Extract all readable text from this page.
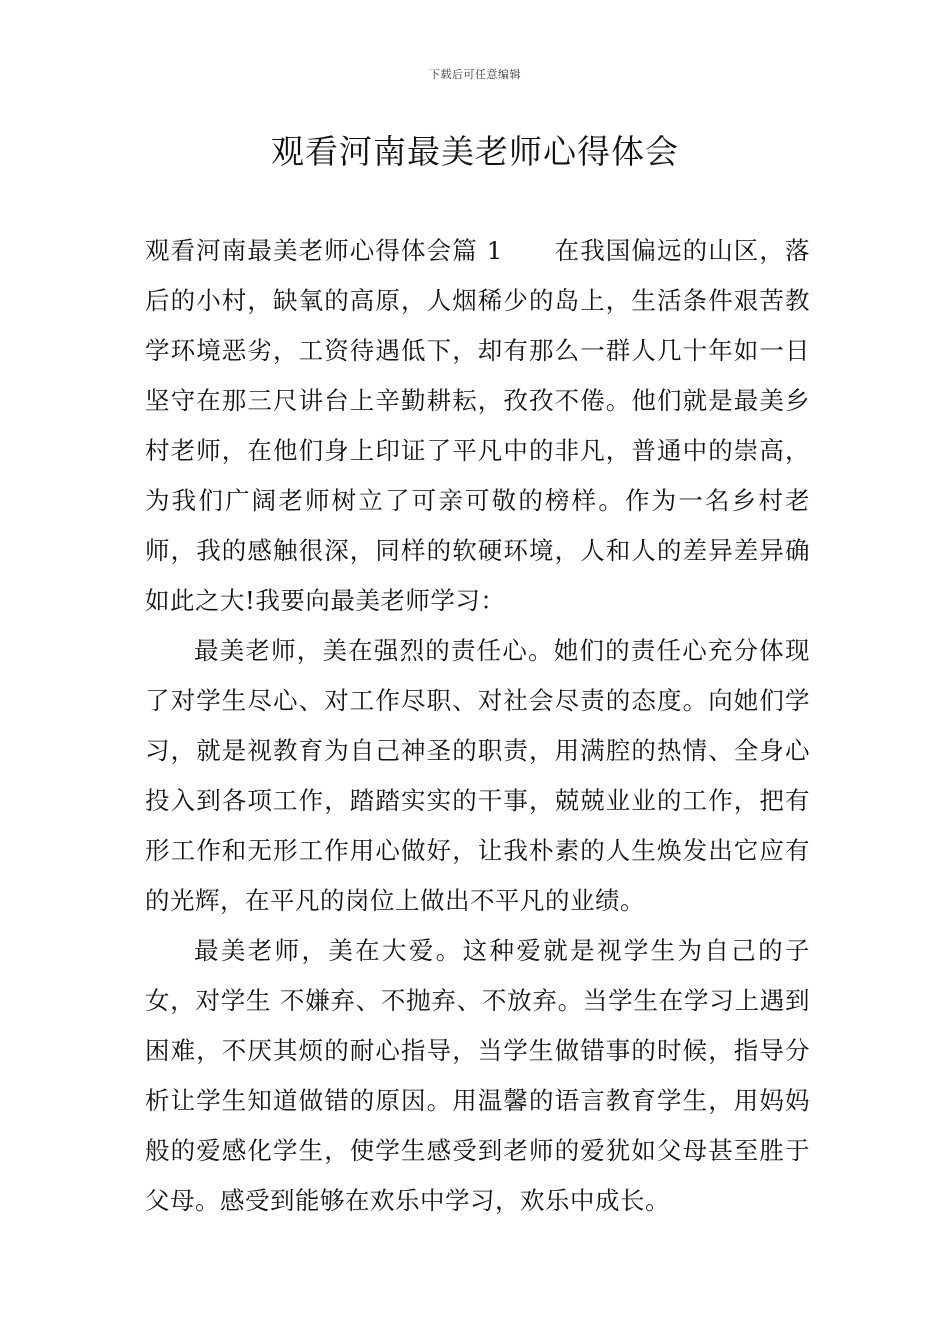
下载后可任意编辑
观看河南最美老师心得体会

观看河南最美老师心得体会篇 1　　在我国偏远的山区，落后的小村，缺氧的高原，人烟稀少的岛上，生活条件艰苦教学环境恶劣，工资待遇低下，却有那么一群人几十年如一日坚守在那三尺讲台上辛勤耕耘，孜孜不倦。他们就是最美乡村老师，在他们身上印证了平凡中的非凡，普通中的崇高，为我们广阔老师树立了可亲可敬的榜样。作为一名乡村老师，我的感触很深，同样的软硬环境，人和人的差异差异确如此之大!我要向最美老师学习：

最美老师，美在强烈的责任心。她们的责任心充分体现了对学生尽心、对工作尽职、对社会尽责的态度。向她们学习，就是视教育为自己神圣的职责，用满腔的热情、全身心投入到各项工作，踏踏实实的干事，兢兢业业的工作，把有形工作和无形工作用心做好，让我朴素的人生焕发出它应有的光辉，在平凡的岗位上做出不平凡的业绩。

最美老师，美在大爱。这种爱就是视学生为自己的子女，对学生 不嫌弃、不抛弃、不放弃。当学生在学习上遇到困难，不厌其烦的耐心指导，当学生做错事的时候，指导分析让学生知道做错的原因。用温馨的语言教育学生，用妈妈般的爱感化学生，使学生感受到老师的爱犹如父母甚至胜于父母。感受到能够在欢乐中学习，欢乐中成长。
